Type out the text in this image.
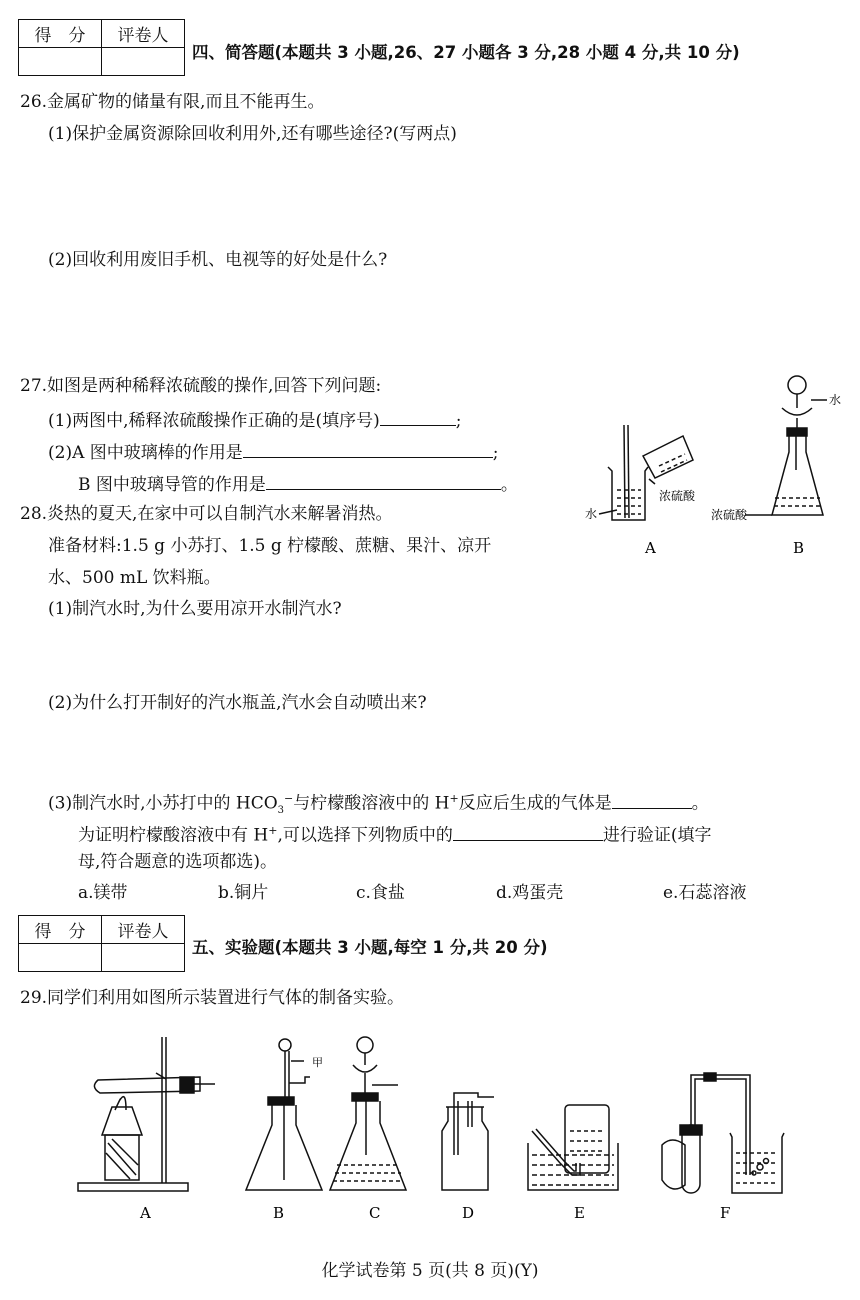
得　分	评卷人

四、简答题(本题共 3 小题,26、27 小题各 3 分,28 小题 4 分,共 10 分)
26.金属矿物的储量有限,而且不能再生。
(1)保护金属资源除回收利用外,还有哪些途径?(写两点)
(2)回收利用废旧手机、电视等的好处是什么?
27.如图是两种稀释浓硫酸的操作,回答下列问题:
(1)两图中,稀释浓硫酸操作正确的是(填序号)	;
(2)A 图中玻璃棒的作用是	;
B 图中玻璃导管的作用是	。
水
浓硫酸
水
浓硫酸
A	B
28.炎热的夏天,在家中可以自制汽水来解暑消热。
准备材料:1.5 g 小苏打、1.5 g 柠檬酸、蔗糖、果汁、凉开
水、500 mL 饮料瓶。
(1)制汽水时,为什么要用凉开水制汽水?
(2)为什么打开制好的汽水瓶盖,汽水会自动喷出来?
(3)制汽水时,小苏打中的 $HCO_3^-$与柠檬酸溶液中的 H+反应后生成的气体是	。
为证明柠檬酸溶液中有 H+,可以选择下列物质中的	进行验证(填字
母,符合题意的选项都选)。
a.镁带	b.铜片	c.食盐	d.鸡蛋壳	e.石蕊溶液
得　分	评卷人

五、实验题(本题共 3 小题,每空 1 分,共 20 分)
29.同学们利用如图所示装置进行气体的制备实验。
甲
A	B	C	D	E	F
化学试卷第 5 页(共 8 页)(Y)
